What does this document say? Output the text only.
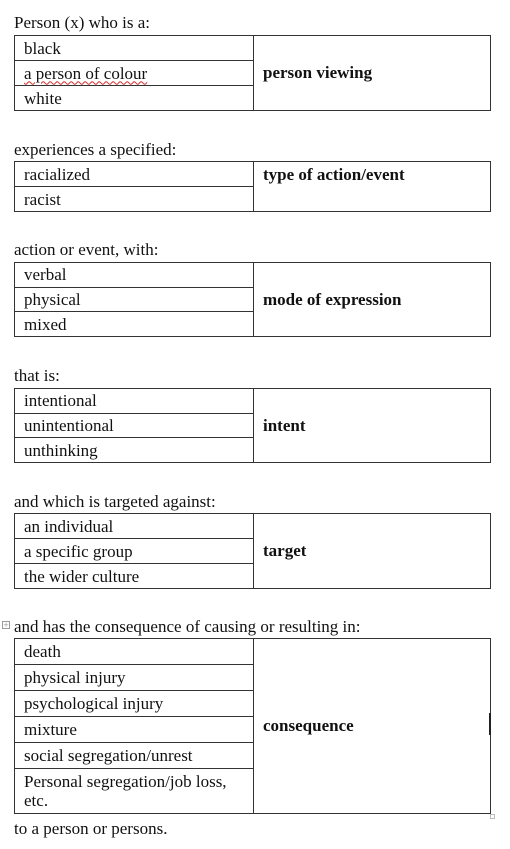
Person (x) who is a:
black
a person of colour
white
person viewing
experiences a specified:
racialized
racist
type of action/event
action or event, with:
verbal
physical
mixed
mode of expression
that is:
intentional
unintentional
unthinking
intent
and which is targeted against:
an individual
a specific group
the wider culture
target
+ and has the consequence of causing or resulting in:
death
physical injury
psychological injury
mixture
social segregation/unrest
Personal segregation/job loss, etc.
consequence
to a person or persons.
